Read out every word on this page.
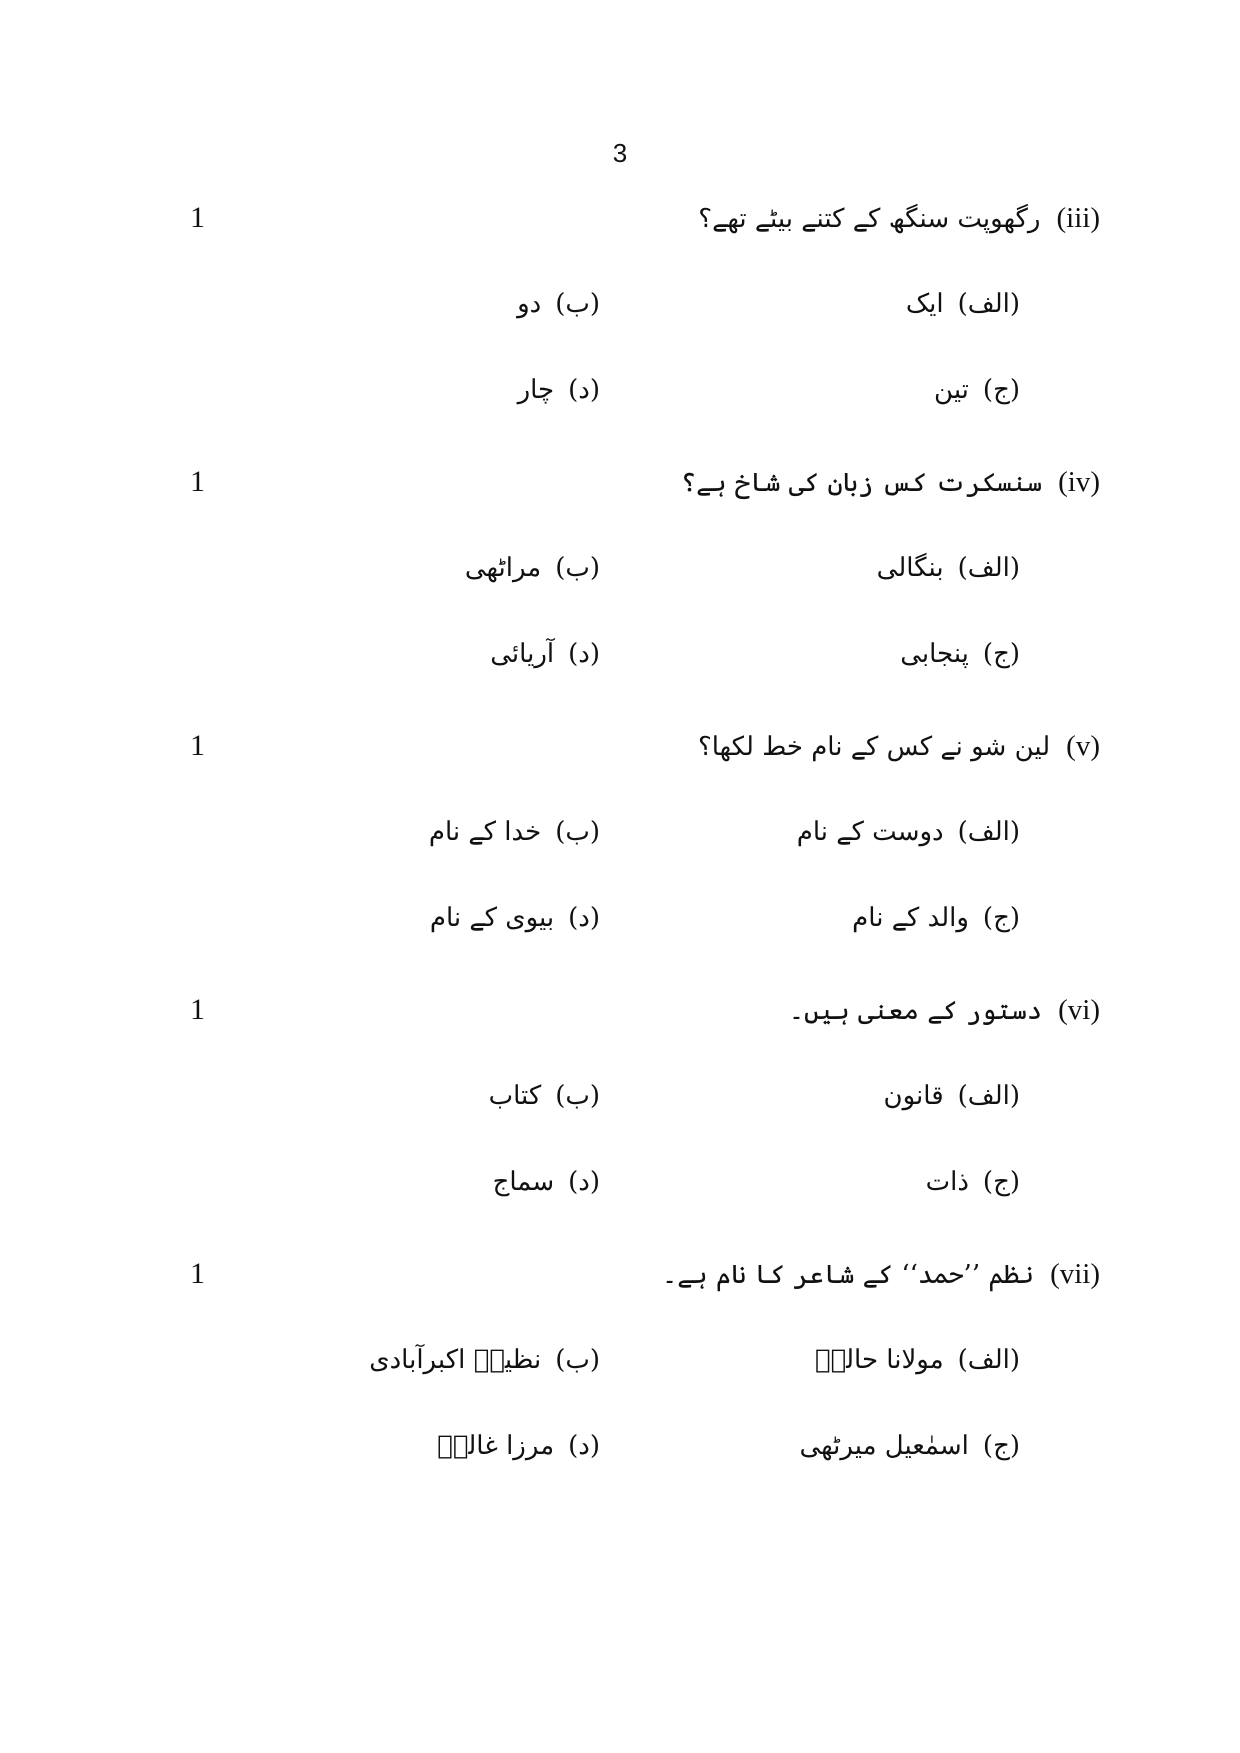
3
1	(iii)رگھوپت سنگھ کے کتنے بیٹے تھے؟
(الف)ایک
(ب)دو
(ج)تین
(د)چار
1	(iv)سنسکرت کس زبان کی شاخ ہے؟
(الف)بنگالی
(ب)مراٹھی
(ج)پنجابی
(د)آریائی
1	(v)لین شو نے کس کے نام خط لکھا؟
(الف)دوست کے نام
(ب)خدا کے نام
(ج)والد کے نام
(د)بیوی کے نام
1	(vi)دستور کے معنی ہیں۔
(الف)قانون
(ب)کتاب
(ج)ذات
(د)سماج
1	(vii)نظم ’’حمد‘‘ کے شاعر کا نام ہے۔
(الف)مولانا حالیؔ
(ب)نظیرؔ اکبرآبادی
(ج)اسمٰعیل میرٹھی
(د)مرزا غالبؔ
